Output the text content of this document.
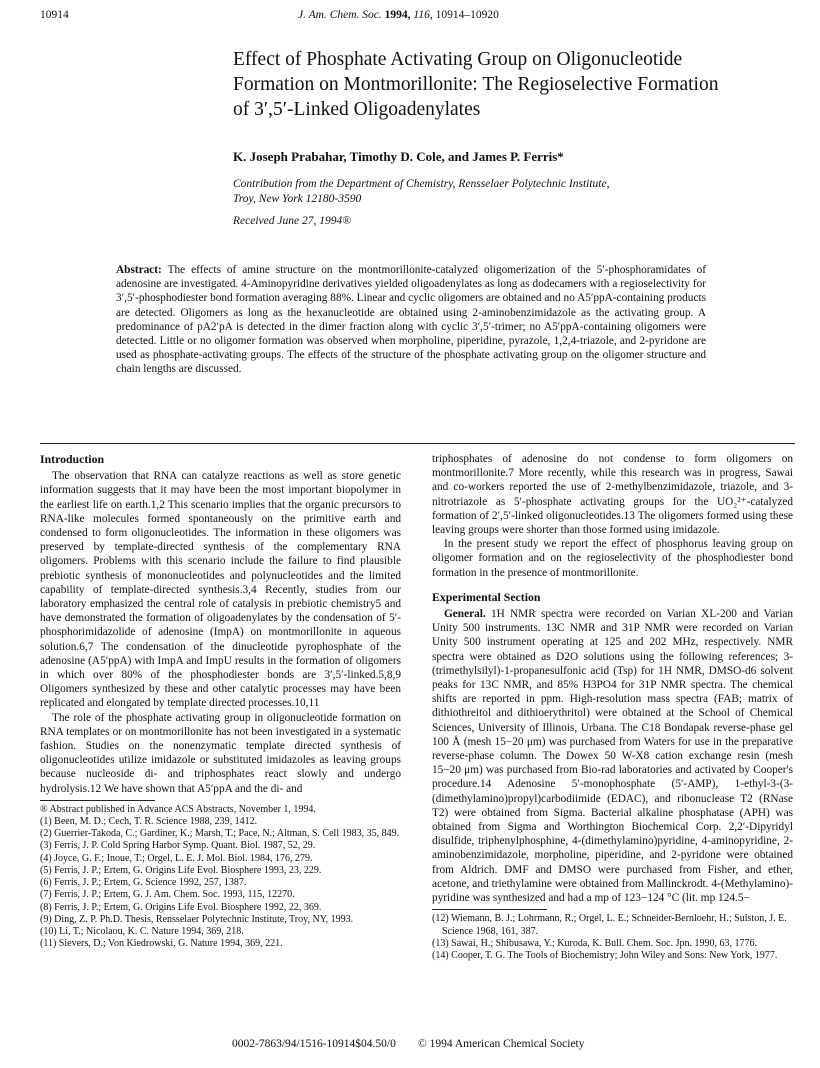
10914	J. Am. Chem. Soc. 1994, 116, 10914–10920
Effect of Phosphate Activating Group on Oligonucleotide
Formation on Montmorillonite: The Regioselective Formation
of 3′,5′-Linked Oligoadenylates
K. Joseph Prabahar, Timothy D. Cole, and James P. Ferris*
Contribution from the Department of Chemistry, Rensselaer Polytechnic Institute,
Troy, New York 12180-3590
Received June 27, 1994®
Abstract: The effects of amine structure on the montmorillonite-catalyzed oligomerization of the 5′-phosphoramidates of adenosine are investigated. 4-Aminopyridine derivatives yielded oligoadenylates as long as dodecamers with a regioselectivity for 3′,5′-phosphodiester bond formation averaging 88%. Linear and cyclic oligomers are obtained and no A5′ppA-containing products are detected. Oligomers as long as the hexanucleotide are obtained using 2-aminobenzimidazole as the activating group. A predominance of pA2′pA is detected in the dimer fraction along with cyclic 3′,5′-trimer; no A5′ppA-containing oligomers were detected. Little or no oligomer formation was observed when morpholine, piperidine, pyrazole, 1,2,4-triazole, and 2-pyridone are used as phosphate-activating groups. The effects of the structure of the phosphate activating group on the oligomer structure and chain lengths are discussed.
Introduction

The observation that RNA can catalyze reactions as well as store genetic information suggests that it may have been the most important biopolymer in the earliest life on earth.1,2 This scenario implies that the organic precursors to RNA-like molecules formed spontaneously on the primitive earth and condensed to form oligonucleotides. The information in these oligomers was preserved by template-directed synthesis of the complementary RNA oligomers. Problems with this scenario include the failure to find plausible prebiotic synthesis of mononucleotides and polynucleotides and the limited capability of template-directed synthesis.3,4 Recently, studies from our laboratory emphasized the central role of catalysis in prebiotic chemistry5 and have demonstrated the formation of oligoadenylates by the condensation of 5′-phosphorimidazolide of adenosine (ImpA) on montmorillonite in aqueous solution.6,7 The condensation of the dinucleotide pyrophosphate of the adenosine (A5′ppA) with ImpA and ImpU results in the formation of oligomers in which over 80% of the phosphodiester bonds are 3′,5′-linked.5,8,9 Oligomers synthesized by these and other catalytic processes may have been replicated and elongated by template directed processes.10,11

The role of the phosphate activating group in oligonucleotide formation on RNA templates or on montmorillonite has not been investigated in a systematic fashion. Studies on the nonenzymatic template directed synthesis of oligonucleotides utilize imidazole or substituted imidazoles as leaving groups because nucleoside di- and triphosphates react slowly and undergo hydrolysis.12 We have shown that A5′ppA and the di- and

® Abstract published in Advance ACS Abstracts, November 1, 1994.
(1) Been, M. D.; Cech, T. R. Science 1988, 239, 1412.
(2) Guerrier-Takoda, C.; Gardiner, K.; Marsh, T.; Pace, N.; Altman, S. Cell 1983, 35, 849.
(3) Ferris, J. P. Cold Spring Harbor Symp. Quant. Biol. 1987, 52, 29.
(4) Joyce, G. F.; Inoue, T.; Orgel, L. E. J. Mol. Biol. 1984, 176, 279.
(5) Ferris, J. P.; Ertem, G. Origins Life Evol. Biosphere 1993, 23, 229.
(6) Ferris, J. P.; Ertem, G. Science 1992, 257, 1387.
(7) Ferris, J. P.; Ertem, G. J. Am. Chem. Soc. 1993, 115, 12270.
(8) Ferris, J. P.; Ertem, G. Origins Life Evol. Biosphere 1992, 22, 369.
(9) Ding, Z. P. Ph.D. Thesis, Rensselaer Polytechnic Institute, Troy, NY, 1993.
(10) Li, T.; Nicolaou, K. C. Nature 1994, 369, 218.
(11) Sievers, D.; Von Kiedrowski, G. Nature 1994, 369, 221.

triphosphates of adenosine do not condense to form oligomers on montmorillonite.7 More recently, while this research was in progress, Sawai and co-workers reported the use of 2-methylbenzimidazole, triazole, and 3-nitrotriazole as 5′-phosphate activating groups for the UO₂²⁺-catalyzed formation of 2′,5′-linked oligonucleotides.13 The oligomers formed using these leaving groups were shorter than those formed using imidazole.

In the present study we report the effect of phosphorus leaving group on oligomer formation and on the regioselectivity of the phosphodiester bond formation in the presence of montmorillonite.

Experimental Section

General. 1H NMR spectra were recorded on Varian XL-200 and Varian Unity 500 instruments. 13C NMR and 31P NMR were recorded on Varian Unity 500 instrument operating at 125 and 202 MHz, respectively. NMR spectra were obtained as D2O solutions using the following references; 3-(trimethylsilyl)-1-propanesulfonic acid (Tsp) for 1H NMR, DMSO-d6 solvent peaks for 13C NMR, and 85% H3PO4 for 31P NMR spectra. The chemical shifts are reported in ppm. High-resolution mass spectra (FAB; matrix of dithiothreitol and dithioerythritol) were obtained at the School of Chemical Sciences, University of Illinois, Urbana. The C18 Bondapak reverse-phase gel 100 Å (mesh 15−20 μm) was purchased from Waters for use in the preparative reverse-phase column. The Dowex 50 W-X8 cation exchange resin (mesh 15−20 μm) was purchased from Bio-rad laboratories and activated by Cooper's procedure.14 Adenosine 5′-monophosphate (5′-AMP), 1-ethyl-3-(3-(dimethylamino)propyl)carbodiimide (EDAC), and ribonuclease T2 (RNase T2) were obtained from Sigma. Bacterial alkaline phosphatase (APH) was obtained from Sigma and Worthington Biochemical Corp. 2,2′-Dipyridyl disulfide, triphenylphosphine, 4-(dimethylamino)pyridine, 4-aminopyridine, 2-aminobenzimidazole, morpholine, piperidine, and 2-pyridone were obtained from Aldrich. DMF and DMSO were purchased from Fisher, and ether, acetone, and triethylamine were obtained from Mallinckrodt. 4-(Methylamino)-pyridine was synthesized and had a mp of 123−124 °C (lit. mp 124.5−

(12) Wiemann, B. J.; Lohrmann, R.; Orgel, L. E.; Schneider-Bernloehr, H.; Sulston, J. E. Science 1968, 161, 387.
(13) Sawai, H.; Shibusawa, Y.; Kuroda, K. Bull. Chem. Soc. Jpn. 1990, 63, 1776.
(14) Cooper, T. G. The Tools of Biochemistry; John Wiley and Sons: New York, 1977.
0002-7863/94/1516-10914$04.50/0 © 1994 American Chemical Society
